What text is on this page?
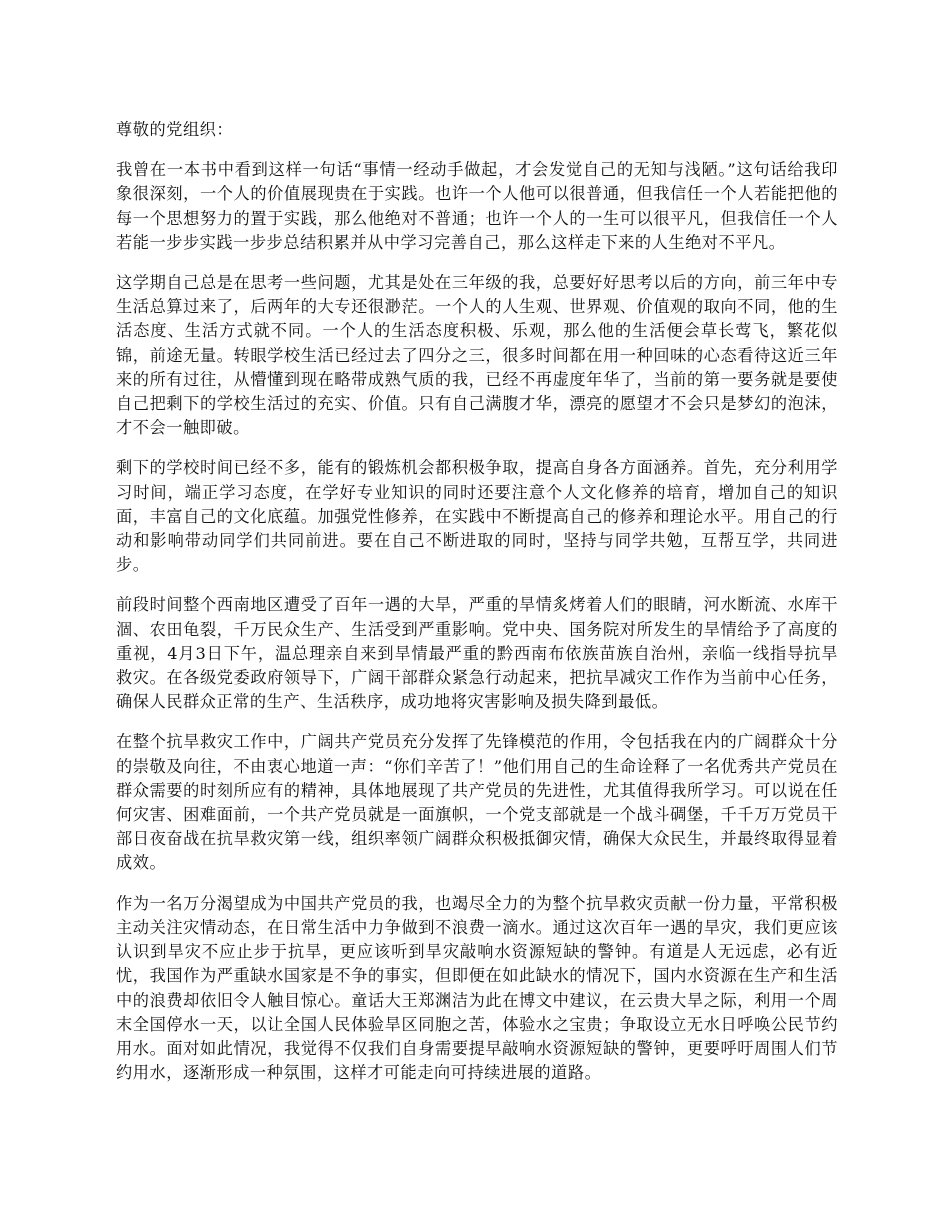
尊敬的党组织：

我曾在一本书中看到这样一句话“事情一经动手做起，才会发觉自己的无知与浅陋。”这句话给我印象很深刻，一个人的价值展现贵在于实践。也许一个人他可以很普通，但我信任一个人若能把他的每一个思想努力的置于实践，那么他绝对不普通；也许一个人的一生可以很平凡，但我信任一个人若能一步步实践一步步总结积累并从中学习完善自己，那么这样走下来的人生绝对不平凡。

这学期自己总是在思考一些问题，尤其是处在三年级的我，总要好好思考以后的方向，前三年中专生活总算过来了，后两年的大专还很渺茫。一个人的人生观、世界观、价值观的取向不同，他的生活态度、生活方式就不同。一个人的生活态度积极、乐观，那么他的生活便会草长莺飞，繁花似锦，前途无量。转眼学校生活已经过去了四分之三，很多时间都在用一种回味的心态看待这近三年来的所有过往，从懵懂到现在略带成熟气质的我，已经不再虚度年华了，当前的第一要务就是要使自己把剩下的学校生活过的充实、价值。只有自己满腹才华，漂亮的愿望才不会只是梦幻的泡沫，才不会一触即破。

剩下的学校时间已经不多，能有的锻炼机会都积极争取，提高自身各方面涵养。首先，充分利用学习时间，端正学习态度，在学好专业知识的同时还要注意个人文化修养的培育，增加自己的知识面，丰富自己的文化底蕴。加强党性修养，在实践中不断提高自己的修养和理论水平。用自己的行动和影响带动同学们共同前进。要在自己不断进取的同时，坚持与同学共勉，互帮互学，共同进步。

前段时间整个西南地区遭受了百年一遇的大旱，严重的旱情炙烤着人们的眼睛，河水断流、水库干涸、农田龟裂，千万民众生产、生活受到严重影响。党中央、国务院对所发生的旱情给予了高度的重视，4月3日下午，温总理亲自来到旱情最严重的黔西南布依族苗族自治州，亲临一线指导抗旱救灾。在各级党委政府领导下，广阔干部群众紧急行动起来，把抗旱减灾工作作为当前中心任务，确保人民群众正常的生产、生活秩序，成功地将灾害影响及损失降到最低。

在整个抗旱救灾工作中，广阔共产党员充分发挥了先锋模范的作用，令包括我在内的广阔群众十分的崇敬及向往，不由衷心地道一声：“你们辛苦了！”他们用自己的生命诠释了一名优秀共产党员在群众需要的时刻所应有的精神，具体地展现了共产党员的先进性，尤其值得我所学习。可以说在任何灾害、困难面前，一个共产党员就是一面旗帜，一个党支部就是一个战斗碉堡，千千万万党员干部日夜奋战在抗旱救灾第一线，组织率领广阔群众积极抵御灾情，确保大众民生，并最终取得显着成效。

作为一名万分渴望成为中国共产党员的我，也竭尽全力的为整个抗旱救灾贡献一份力量，平常积极主动关注灾情动态，在日常生活中力争做到不浪费一滴水。通过这次百年一遇的旱灾，我们更应该认识到旱灾不应止步于抗旱，更应该听到旱灾敲响水资源短缺的警钟。有道是人无远虑，必有近忧，我国作为严重缺水国家是不争的事实，但即便在如此缺水的情况下，国内水资源在生产和生活中的浪费却依旧令人触目惊心。童话大王郑渊洁为此在博文中建议，在云贵大旱之际，利用一个周末全国停水一天，以让全国人民体验旱区同胞之苦，体验水之宝贵；争取设立无水日呼唤公民节约用水。面对如此情况，我觉得不仅我们自身需要提早敲响水资源短缺的警钟，更要呼吁周围人们节约用水，逐渐形成一种氛围，这样才可能走向可持续进展的道路。
